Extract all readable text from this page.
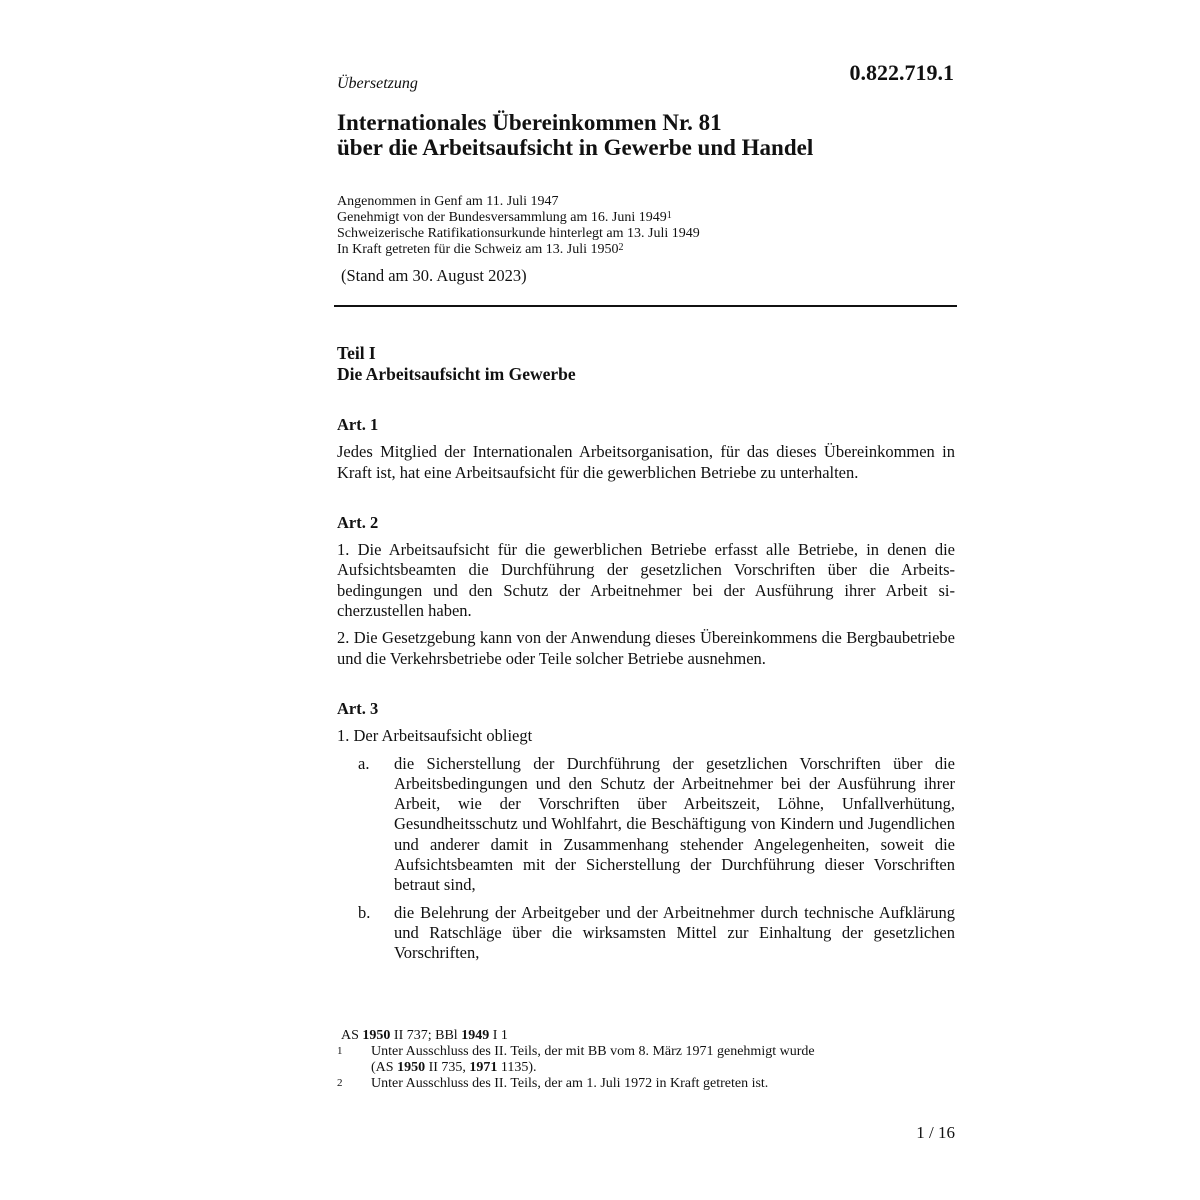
Übersetzung	0.822.719.1
Internationales Übereinkommen Nr. 81
über die Arbeitsaufsicht in Gewerbe und Handel
Angenommen in Genf am 11. Juli 1947
Genehmigt von der Bundesversammlung am 16. Juni 1949$^1$
Schweizerische Ratifikationsurkunde hinterlegt am 13. Juli 1949
In Kraft getreten für die Schweiz am 13. Juli 1950$^2$
(Stand am 30. August 2023)
Teil I
Die Arbeitsaufsicht im Gewerbe
Art. 1

Jedes Mitglied der Internationalen Arbeitsorganisation, für das dieses Übereinkommen in Kraft ist, hat eine Arbeitsaufsicht für die gewerblichen Betriebe zu unterhalten.

Art. 2

1. Die Arbeitsaufsicht für die gewerblichen Betriebe erfasst alle Betriebe, in denen die Aufsichtsbeamten die Durchführung der gesetzlichen Vorschriften über die Arbeitsbedingungen und den Schutz der Arbeitnehmer bei der Ausführung ihrer Arbeit sicherzustellen haben.

2. Die Gesetzgebung kann von der Anwendung dieses Übereinkommens die Bergbaubetriebe und die Verkehrsbetriebe oder Teile solcher Betriebe ausnehmen.

Art. 3

1. Der Arbeitsaufsicht obliegt

a.	die Sicherstellung der Durchführung der gesetzlichen Vorschriften über die Arbeitsbedingungen und den Schutz der Arbeitnehmer bei der Ausführung ihrer Arbeit, wie der Vorschriften über Arbeitszeit, Löhne, Unfallverhütung, Gesundheitsschutz und Wohlfahrt, die Beschäftigung von Kindern und Jugendlichen und anderer damit in Zusammenhang stehender Angelegenheiten, soweit die Aufsichtsbeamten mit der Sicherstellung der Durchführung dieser Vorschriften betraut sind,
b.	die Belehrung der Arbeitgeber und der Arbeitnehmer durch technische Aufklärung und Ratschläge über die wirksamsten Mittel zur Einhaltung der gesetzlichen Vorschriften,
AS 1950 II 737; BBl 1949 I 1
1	Unter Ausschluss des II. Teils, der mit BB vom 8. März 1971 genehmigt wurde
(AS 1950 II 735, 1971 1135).
2	Unter Ausschluss des II. Teils, der am 1. Juli 1972 in Kraft getreten ist.
1 / 16
